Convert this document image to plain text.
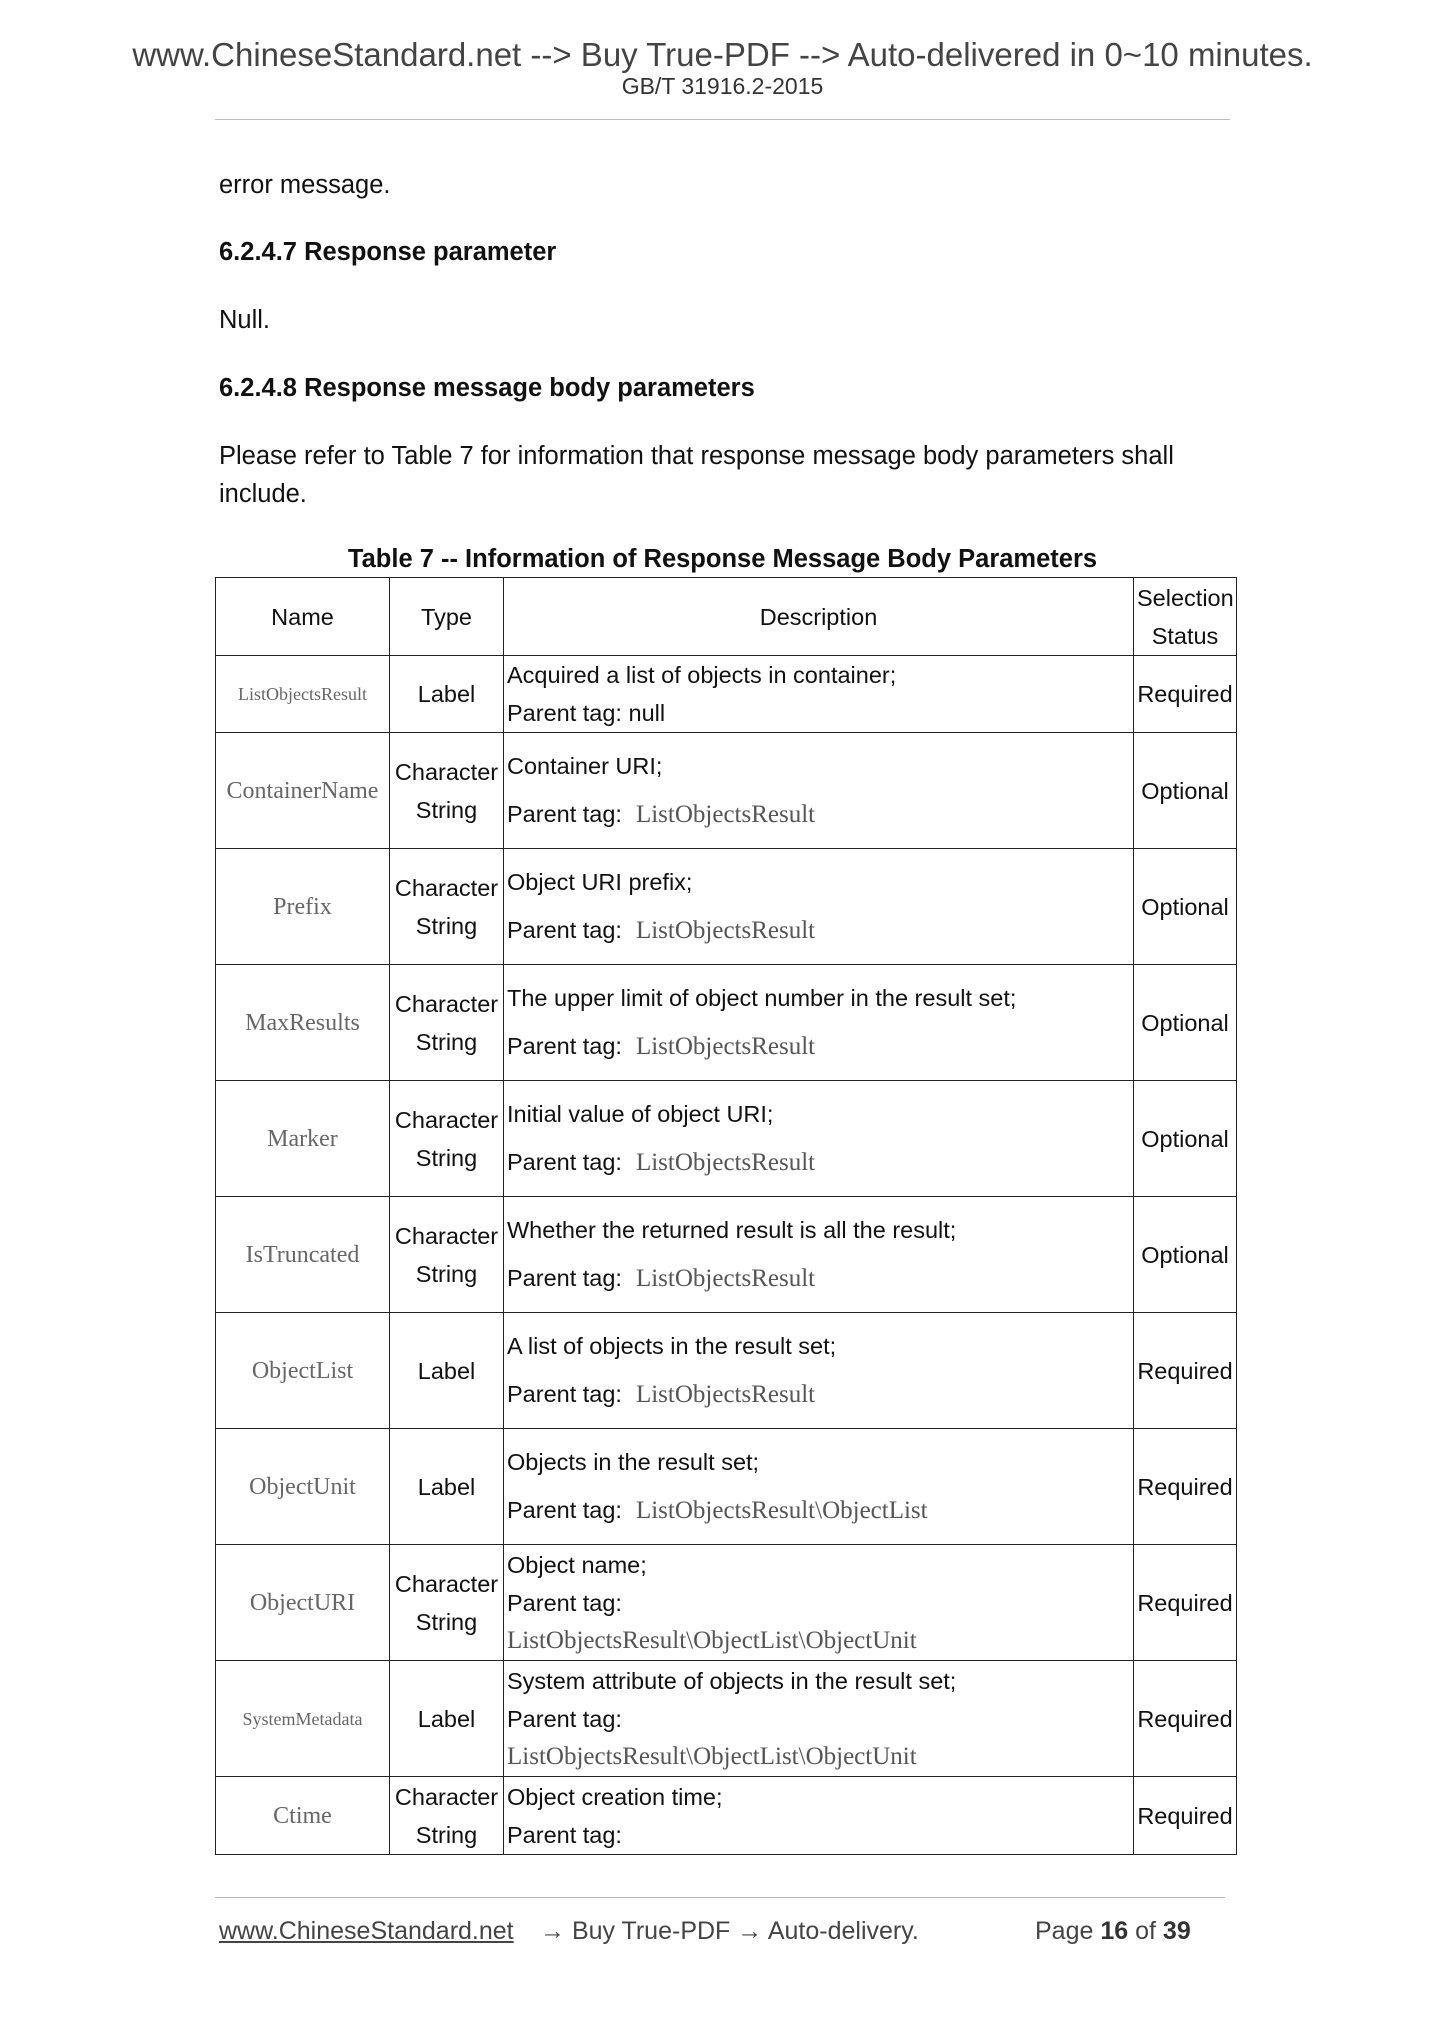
www.ChineseStandard.net --> Buy True-PDF --> Auto-delivered in 0~10 minutes.
GB/T 31916.2-2015
error message.
6.2.4.7 Response parameter
Null.
6.2.4.8 Response message body parameters
Please refer to Table 7 for information that response message body parameters shall
include.
Table 7 -- Information of Response Message Body Parameters
Name	Type	Description	Selection
Status

ListObjectsResult	Label	Acquired a list of objects in container;
Parent tag: null	Required
ContainerName	Character
String	Container URI;
Parent tag: ListObjectsResult	Optional
Prefix	Character
String	Object URI prefix;
Parent tag: ListObjectsResult	Optional
MaxResults	Character
String	The upper limit of object number in the result set;
Parent tag: ListObjectsResult	Optional
Marker	Character
String	Initial value of object URI;
Parent tag: ListObjectsResult	Optional
IsTruncated	Character
String	Whether the returned result is all the result;
Parent tag: ListObjectsResult	Optional
ObjectList	Label	A list of objects in the result set;
Parent tag: ListObjectsResult	Required
ObjectUnit	Label	Objects in the result set;
Parent tag: ListObjectsResult\ObjectList	Required
ObjectURI	Character
String	Object name;
Parent tag:
ListObjectsResult\ObjectList\ObjectUnit	Required
SystemMetadata	Label	System attribute of objects in the result set;
Parent tag:
ListObjectsResult\ObjectList\ObjectUnit	Required
Ctime	Character
String	Object creation time;
Parent tag:	Required
www.ChineseStandard.net → Buy True-PDF → Auto-delivery.	Page 16 of 39
